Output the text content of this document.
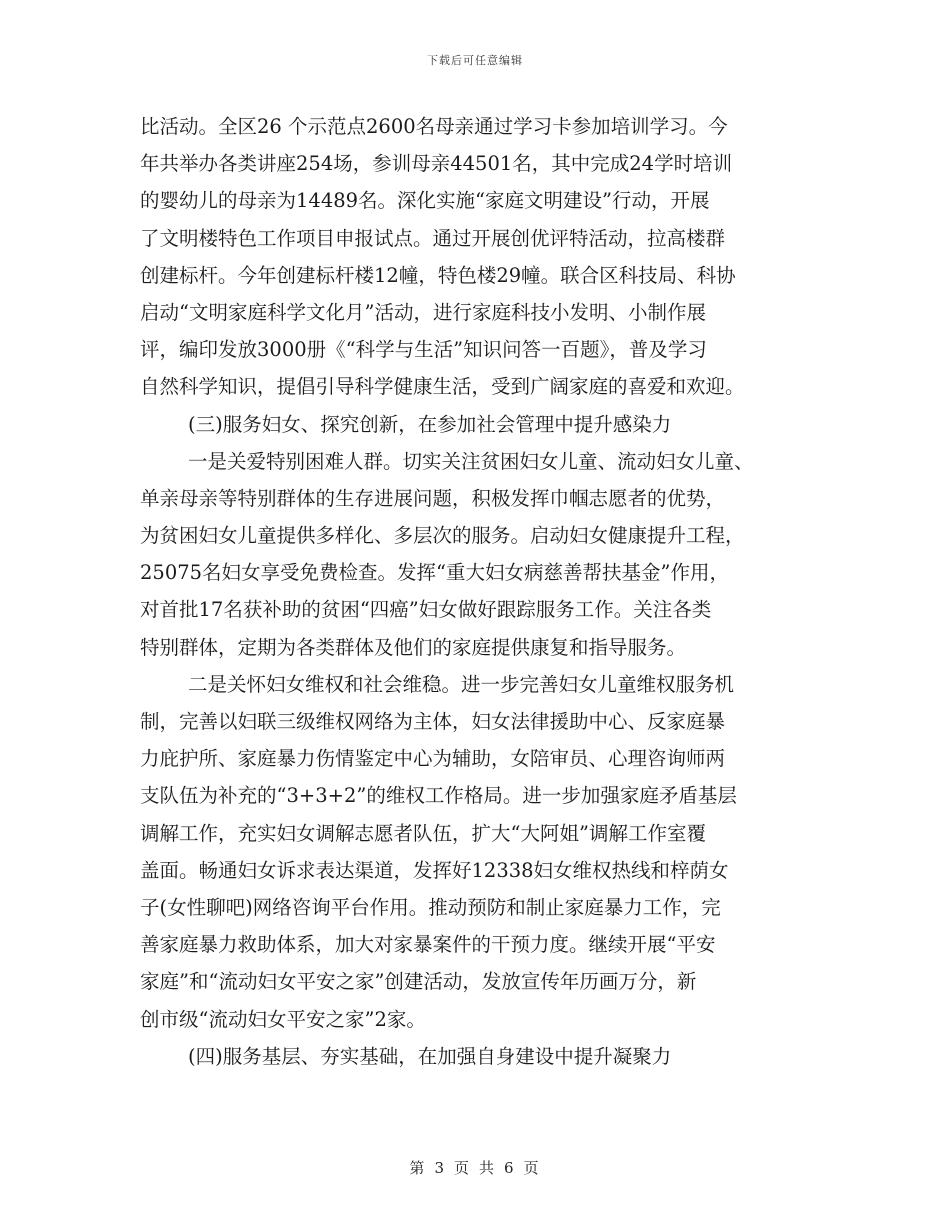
下载后可任意编辑
比活动。全区26 个示范点2600名母亲通过学习卡参加培训学习。今
年共举办各类讲座254场，参训母亲44501名，其中完成24学时培训
的婴幼儿的母亲为14489名。深化实施“家庭文明建设”行动，开展
了文明楼特色工作项目申报试点。通过开展创优评特活动，拉高楼群
创建标杆。今年创建标杆楼12幢，特色楼29幢。联合区科技局、科协
启动“文明家庭科学文化月”活动，进行家庭科技小发明、小制作展
评，编印发放3000册《“科学与生活”知识问答一百题》，普及学习
自然科学知识，提倡引导科学健康生活，受到广阔家庭的喜爱和欢迎。
(三)服务妇女、探究创新，在参加社会管理中提升感染力
一是关爱特别困难人群。切实关注贫困妇女儿童、流动妇女儿童、
单亲母亲等特别群体的生存进展问题，积极发挥巾帼志愿者的优势，
为贫困妇女儿童提供多样化、多层次的服务。启动妇女健康提升工程，
25075名妇女享受免费检查。发挥“重大妇女病慈善帮扶基金”作用，
对首批17名获补助的贫困“四癌”妇女做好跟踪服务工作。关注各类
特别群体，定期为各类群体及他们的家庭提供康复和指导服务。
二是关怀妇女维权和社会维稳。进一步完善妇女儿童维权服务机
制，完善以妇联三级维权网络为主体，妇女法律援助中心、反家庭暴
力庇护所、家庭暴力伤情鉴定中心为辅助，女陪审员、心理咨询师两
支队伍为补充的“3+3+2”的维权工作格局。进一步加强家庭矛盾基层
调解工作，充实妇女调解志愿者队伍，扩大“大阿姐”调解工作室覆
盖面。畅通妇女诉求表达渠道，发挥好12338妇女维权热线和梓荫女
子(女性聊吧)网络咨询平台作用。推动预防和制止家庭暴力工作，完
善家庭暴力救助体系，加大对家暴案件的干预力度。继续开展“平安
家庭”和“流动妇女平安之家”创建活动，发放宣传年历画万分，新
创市级“流动妇女平安之家”2家。
(四)服务基层、夯实基础，在加强自身建设中提升凝聚力
第 3 页 共 6 页
